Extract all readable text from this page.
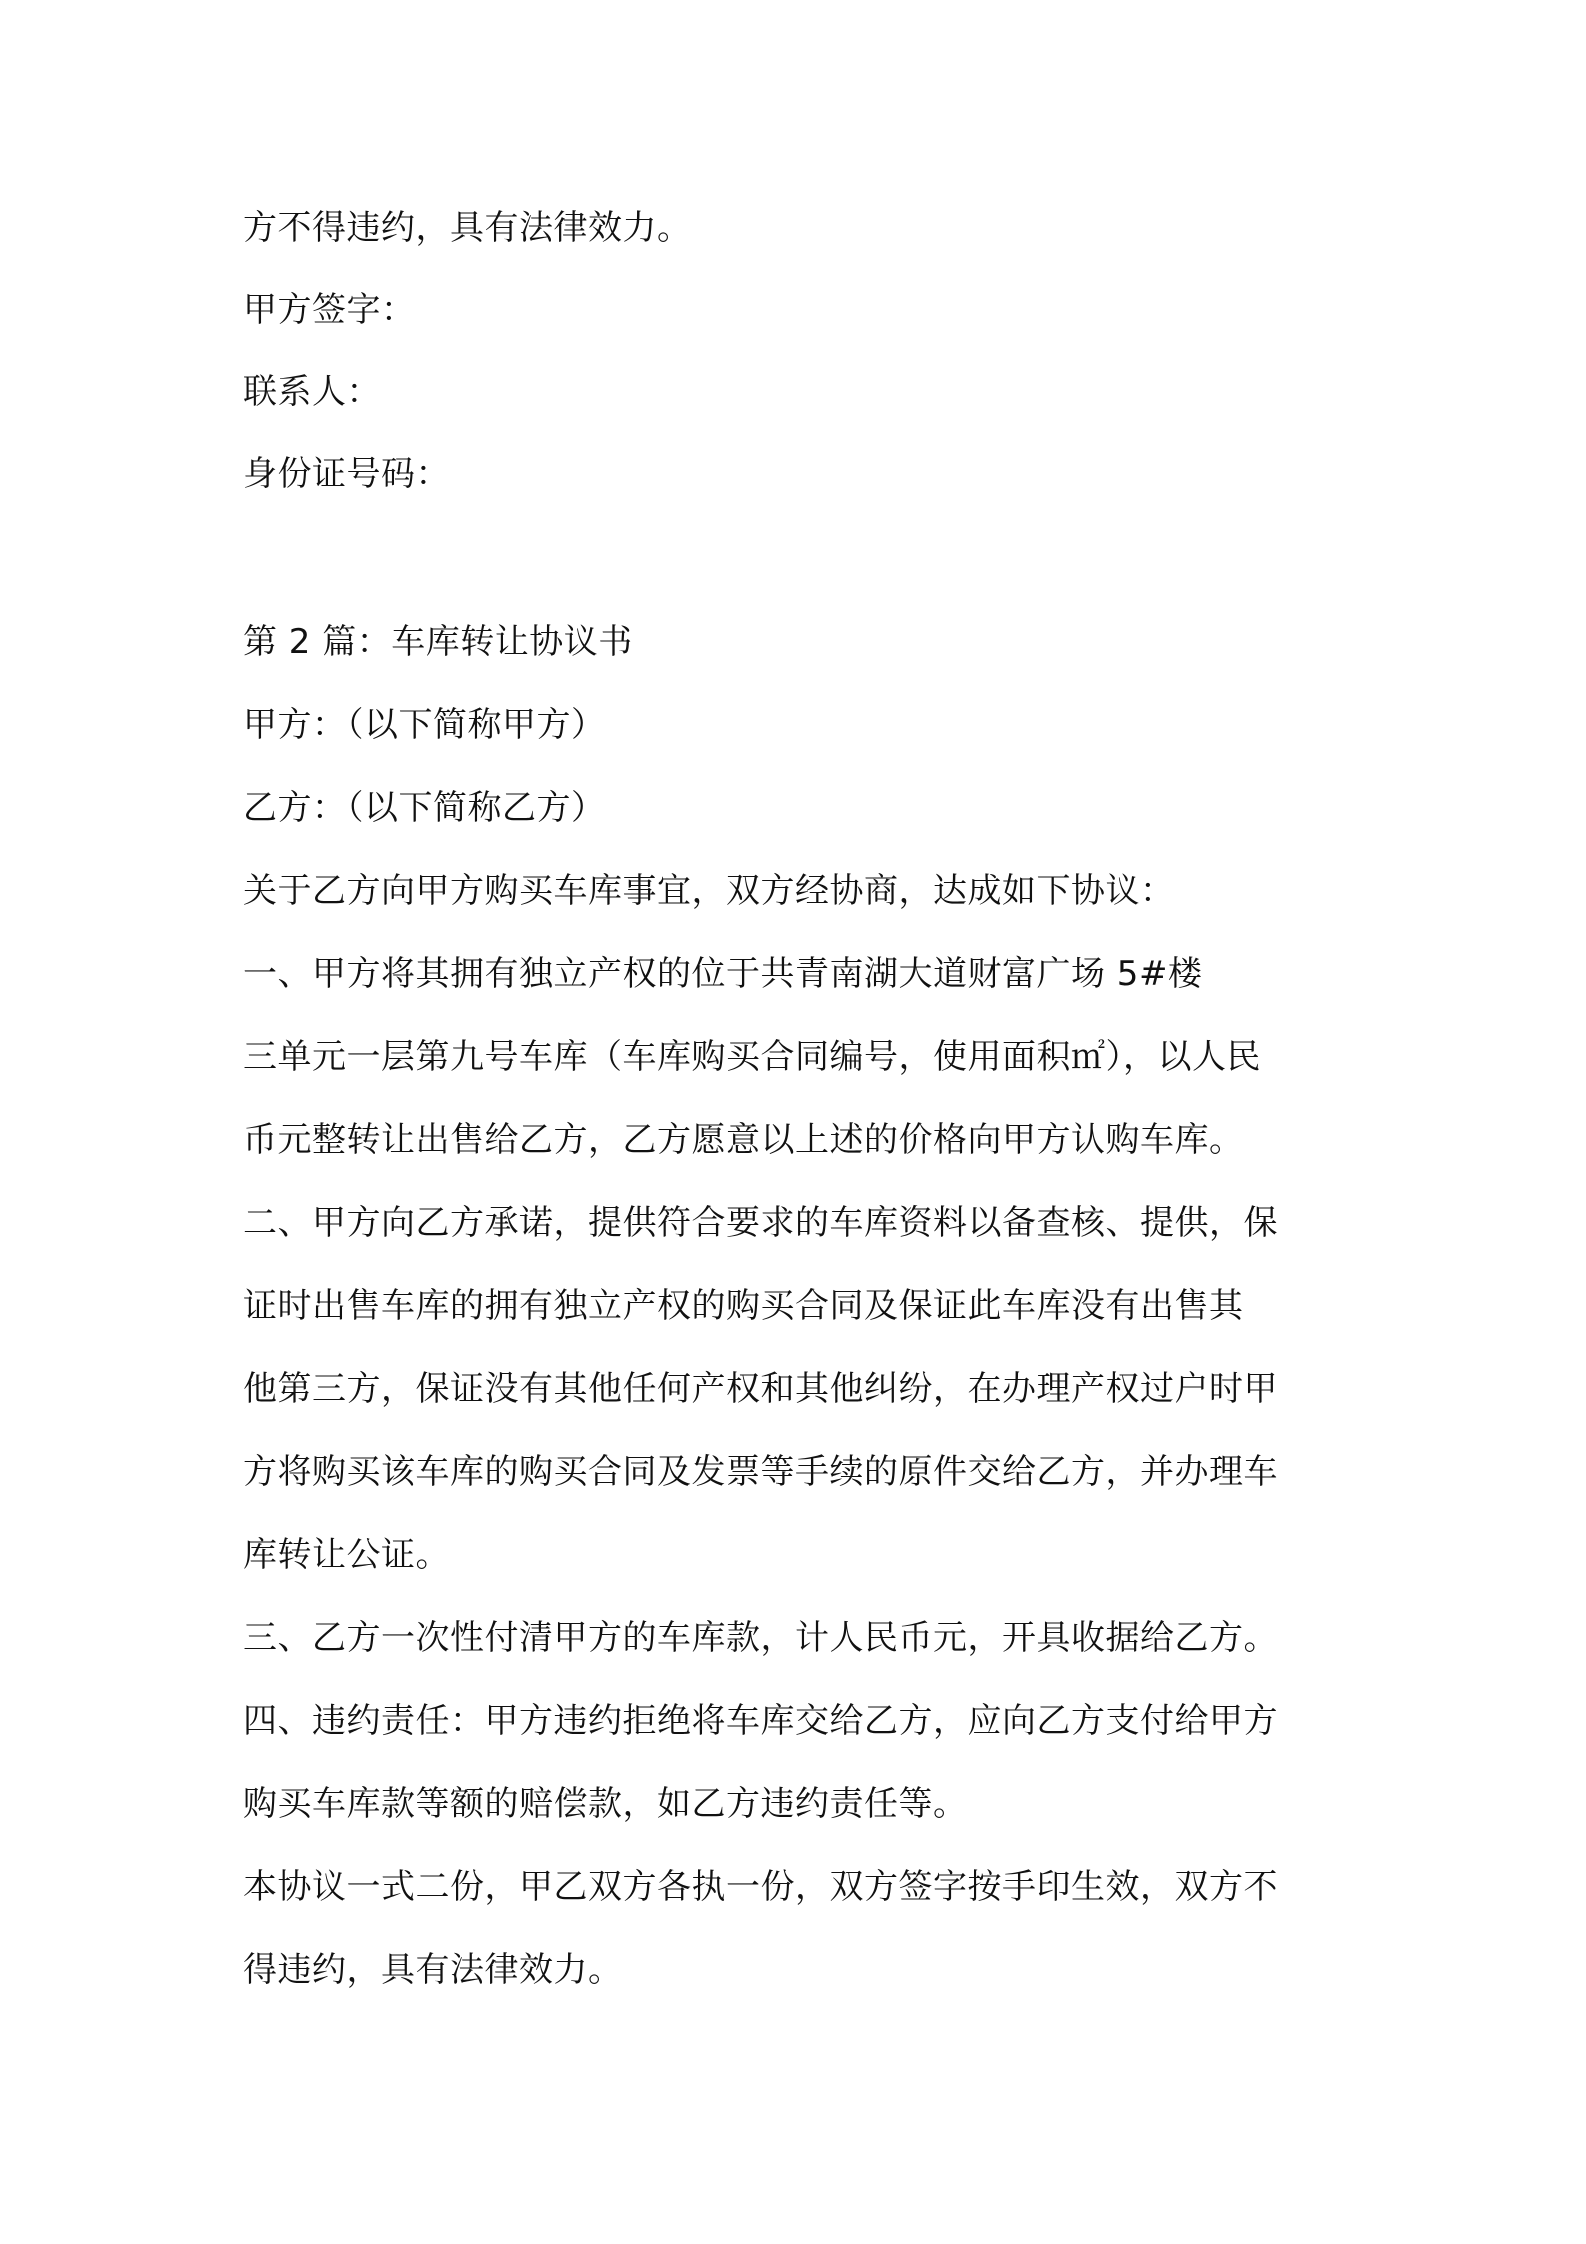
方不得违约，具有法律效力。
甲方签字：
联系人：
身份证号码：
第 2 篇：车库转让协议书
甲方：（以下简称甲方）
乙方：（以下简称乙方）
关于乙方向甲方购买车库事宜，双方经协商，达成如下协议：
一、甲方将其拥有独立产权的位于共青南湖大道财富广场 5#楼
三单元一层第九号车库（车库购买合同编号，使用面积㎡），以人民
币元整转让出售给乙方，乙方愿意以上述的价格向甲方认购车库。
二、甲方向乙方承诺，提供符合要求的车库资料以备查核、提供，保
证时出售车库的拥有独立产权的购买合同及保证此车库没有出售其
他第三方，保证没有其他任何产权和其他纠纷，在办理产权过户时甲
方将购买该车库的购买合同及发票等手续的原件交给乙方，并办理车
库转让公证。
三、乙方一次性付清甲方的车库款，计人民币元，开具收据给乙方。
四、违约责任：甲方违约拒绝将车库交给乙方，应向乙方支付给甲方
购买车库款等额的赔偿款，如乙方违约责任等。
本协议一式二份，甲乙双方各执一份，双方签字按手印生效，双方不
得违约，具有法律效力。
